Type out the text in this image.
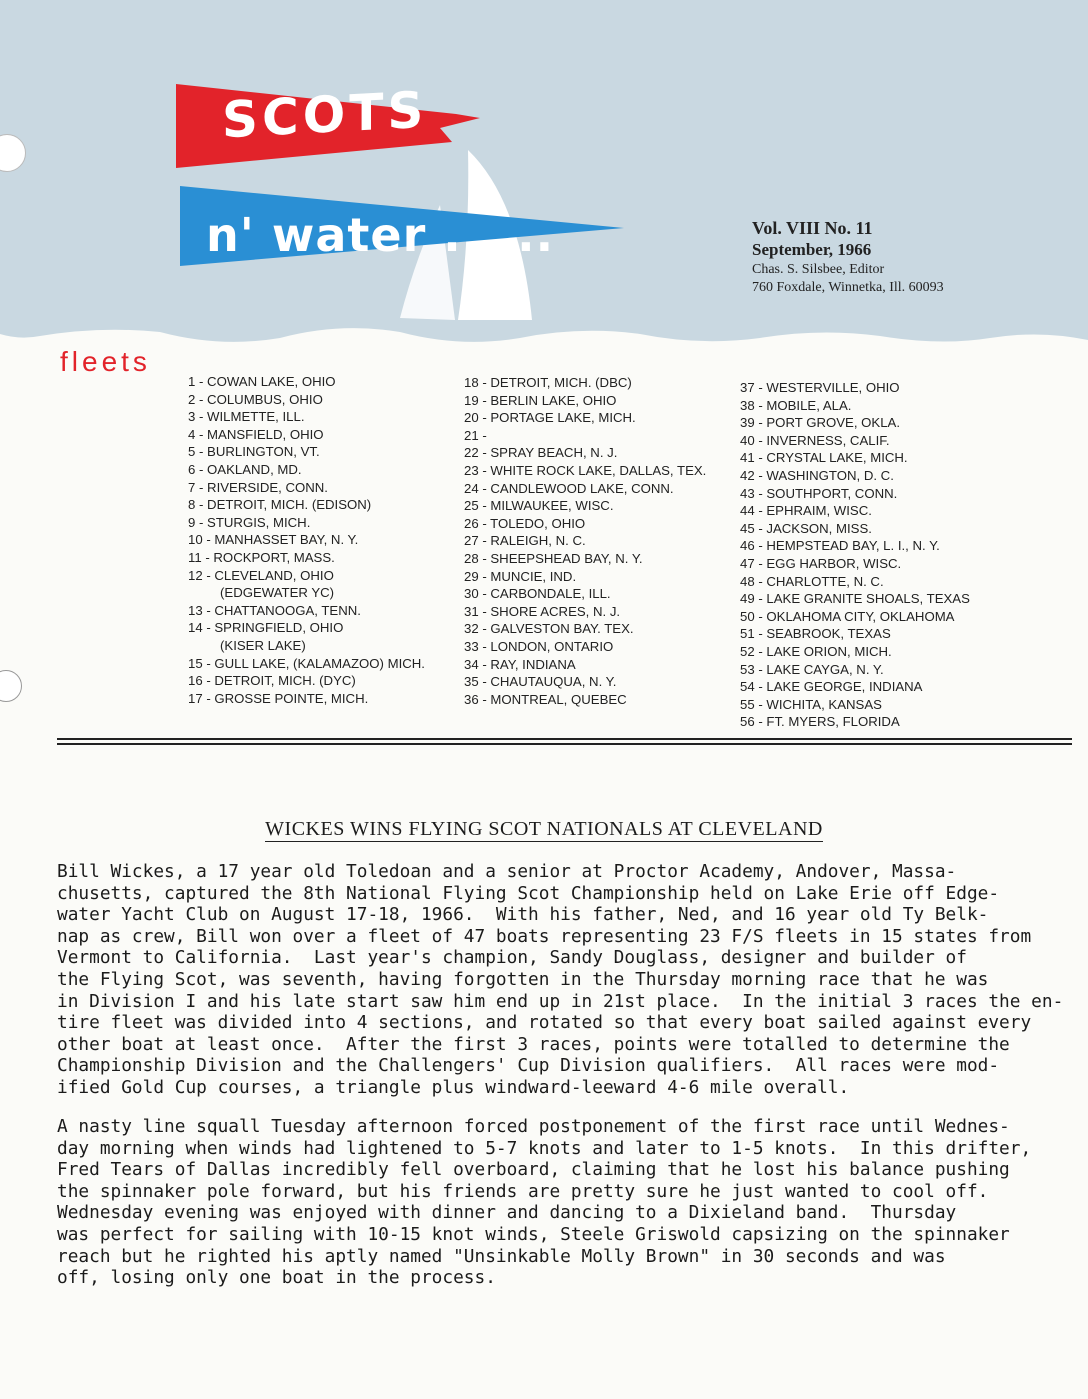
SCOTS
n' water ......	Vol. VIII No. 11
September, 1966
Chas. S. Silsbee, Editor
760 Foxdale, Winnetka, Ill. 60093
fleets
1 - COWAN LAKE, OHIO
2 - COLUMBUS, OHIO
3 - WILMETTE, ILL.
4 - MANSFIELD, OHIO
5 - BURLINGTON, VT.
6 - OAKLAND, MD.
7 - RIVERSIDE, CONN.
8 - DETROIT, MICH. (EDISON)
9 - STURGIS, MICH.
10 - MANHASSET BAY, N. Y.
11 - ROCKPORT, MASS.
12 - CLEVELAND, OHIO
(EDGEWATER YC)
13 - CHATTANOOGA, TENN.
14 - SPRINGFIELD, OHIO
(KISER LAKE)
15 - GULL LAKE, (KALAMAZOO) MICH.
16 - DETROIT, MICH. (DYC)
17 - GROSSE POINTE, MICH.
18 - DETROIT, MICH. (DBC)
19 - BERLIN LAKE, OHIO
20 - PORTAGE LAKE, MICH.
21 -
22 - SPRAY BEACH, N. J.
23 - WHITE ROCK LAKE, DALLAS, TEX.
24 - CANDLEWOOD LAKE, CONN.
25 - MILWAUKEE, WISC.
26 - TOLEDO, OHIO
27 - RALEIGH, N. C.
28 - SHEEPSHEAD BAY, N. Y.
29 - MUNCIE, IND.
30 - CARBONDALE, ILL.
31 - SHORE ACRES, N. J.
32 - GALVESTON BAY. TEX.
33 - LONDON, ONTARIO
34 - RAY, INDIANA
35 - CHAUTAUQUA, N. Y.
36 - MONTREAL, QUEBEC
37 - WESTERVILLE, OHIO
38 - MOBILE, ALA.
39 - PORT GROVE, OKLA.
40 - INVERNESS, CALIF.
41 - CRYSTAL LAKE, MICH.
42 - WASHINGTON, D. C.
43 - SOUTHPORT, CONN.
44 - EPHRAIM, WISC.
45 - JACKSON, MISS.
46 - HEMPSTEAD BAY, L. I., N. Y.
47 - EGG HARBOR, WISC.
48 - CHARLOTTE, N. C.
49 - LAKE GRANITE SHOALS, TEXAS
50 - OKLAHOMA CITY, OKLAHOMA
51 - SEABROOK, TEXAS
52 - LAKE ORION, MICH.
53 - LAKE CAYGA, N. Y.
54 - LAKE GEORGE, INDIANA
55 - WICHITA, KANSAS
56 - FT. MYERS, FLORIDA
WICKES WINS FLYING SCOT NATIONALS AT CLEVELAND

Bill Wickes, a 17 year old Toledoan and a senior at Proctor Academy, Andover, Massa-
chusetts, captured the 8th National Flying Scot Championship held on Lake Erie off Edge-
water Yacht Club on August 17-18, 1966.  With his father, Ned, and 16 year old Ty Belk-
nap as crew, Bill won over a fleet of 47 boats representing 23 F/S fleets in 15 states from
Vermont to California.  Last year's champion, Sandy Douglass, designer and builder of
the Flying Scot, was seventh, having forgotten in the Thursday morning race that he was
in Division I and his late start saw him end up in 21st place.  In the initial 3 races the en-
tire fleet was divided into 4 sections, and rotated so that every boat sailed against every
other boat at least once.  After the first 3 races, points were totalled to determine the
Championship Division and the Challengers' Cup Division qualifiers.  All races were mod-
ified Gold Cup courses, a triangle plus windward-leeward 4-6 mile overall.

A nasty line squall Tuesday afternoon forced postponement of the first race until Wednes-
day morning when winds had lightened to 5-7 knots and later to 1-5 knots.  In this drifter,
Fred Tears of Dallas incredibly fell overboard, claiming that he lost his balance pushing
the spinnaker pole forward, but his friends are pretty sure he just wanted to cool off.
Wednesday evening was enjoyed with dinner and dancing to a Dixieland band.  Thursday
was perfect for sailing with 10-15 knot winds, Steele Griswold capsizing on the spinnaker
reach but he righted his aptly named "Unsinkable Molly Brown" in 30 seconds and was
off, losing only one boat in the process.
